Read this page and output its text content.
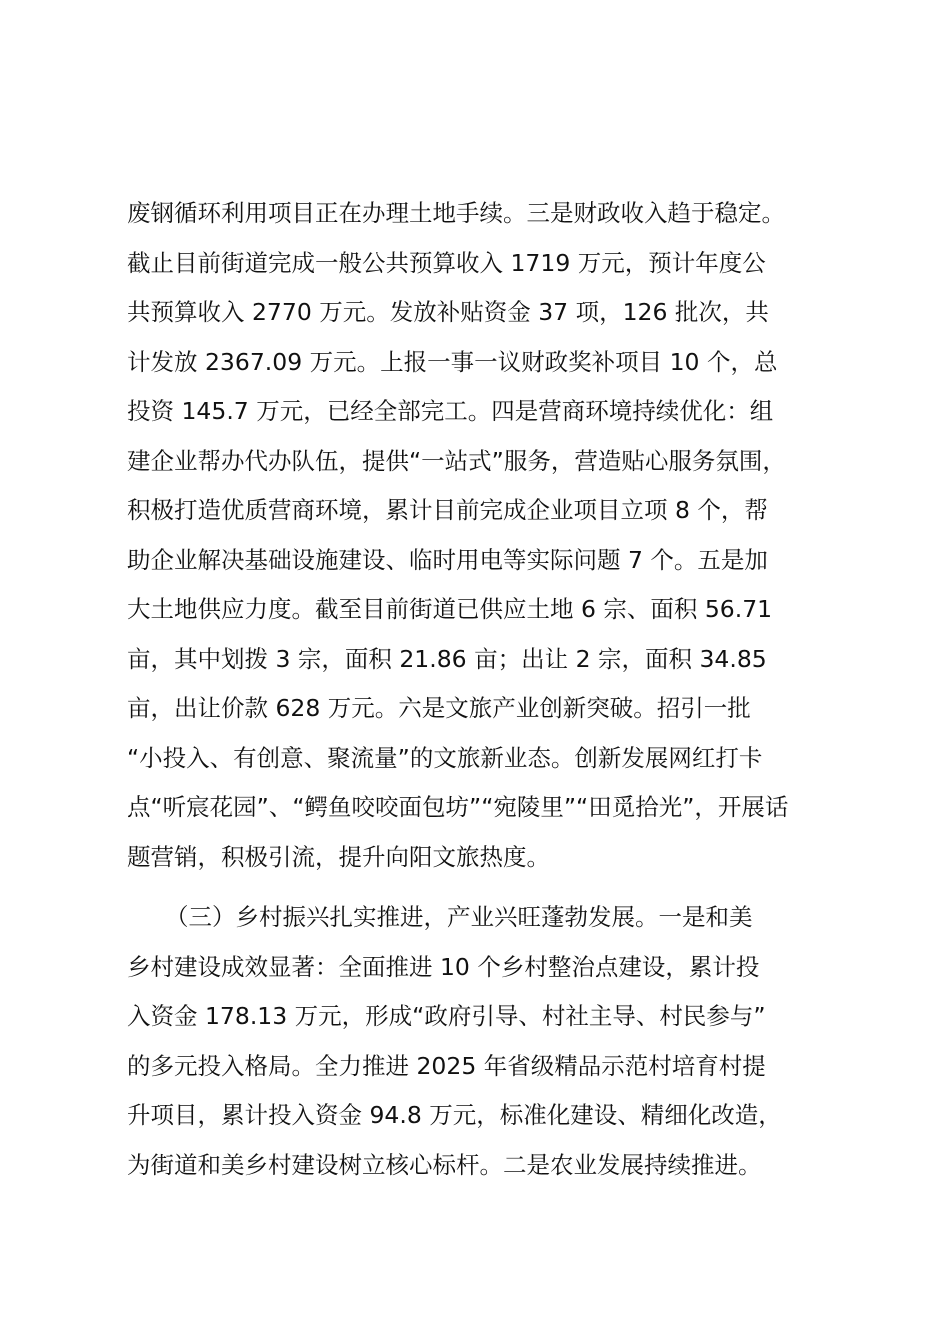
废钢循环利用项目正在办理土地手续。三是财政收入趋于稳定。
截止目前街道完成一般公共预算收入 1719 万元，预计年度公
共预算收入 2770 万元。发放补贴资金 37 项，126 批次，共
计发放 2367.09 万元。上报一事一议财政奖补项目 10 个，总
投资 145.7 万元，已经全部完工。四是营商环境持续优化：组
建企业帮办代办队伍，提供“一站式”服务，营造贴心服务氛围，
积极打造优质营商环境，累计目前完成企业项目立项 8 个，帮
助企业解决基础设施建设、临时用电等实际问题 7 个。五是加
大土地供应力度。截至目前街道已供应土地 6 宗、面积 56.71
亩，其中划拨 3 宗，面积 21.86 亩；出让 2 宗，面积 34.85
亩，出让价款 628 万元。六是文旅产业创新突破。招引一批
“小投入、有创意、聚流量”的文旅新业态。创新发展网红打卡
点“听宸花园”、“鳄鱼咬咬面包坊”“宛陵里”“田觅拾光”，开展话
题营销，积极引流，提升向阳文旅热度。
（三）乡村振兴扎实推进，产业兴旺蓬勃发展。一是和美
乡村建设成效显著：全面推进 10 个乡村整治点建设，累计投
入资金 178.13 万元，形成“政府引导、村社主导、村民参与”
的多元投入格局。全力推进 2025 年省级精品示范村培育村提
升项目，累计投入资金 94.8 万元，标准化建设、精细化改造，
为街道和美乡村建设树立核心标杆。二是农业发展持续推进。
